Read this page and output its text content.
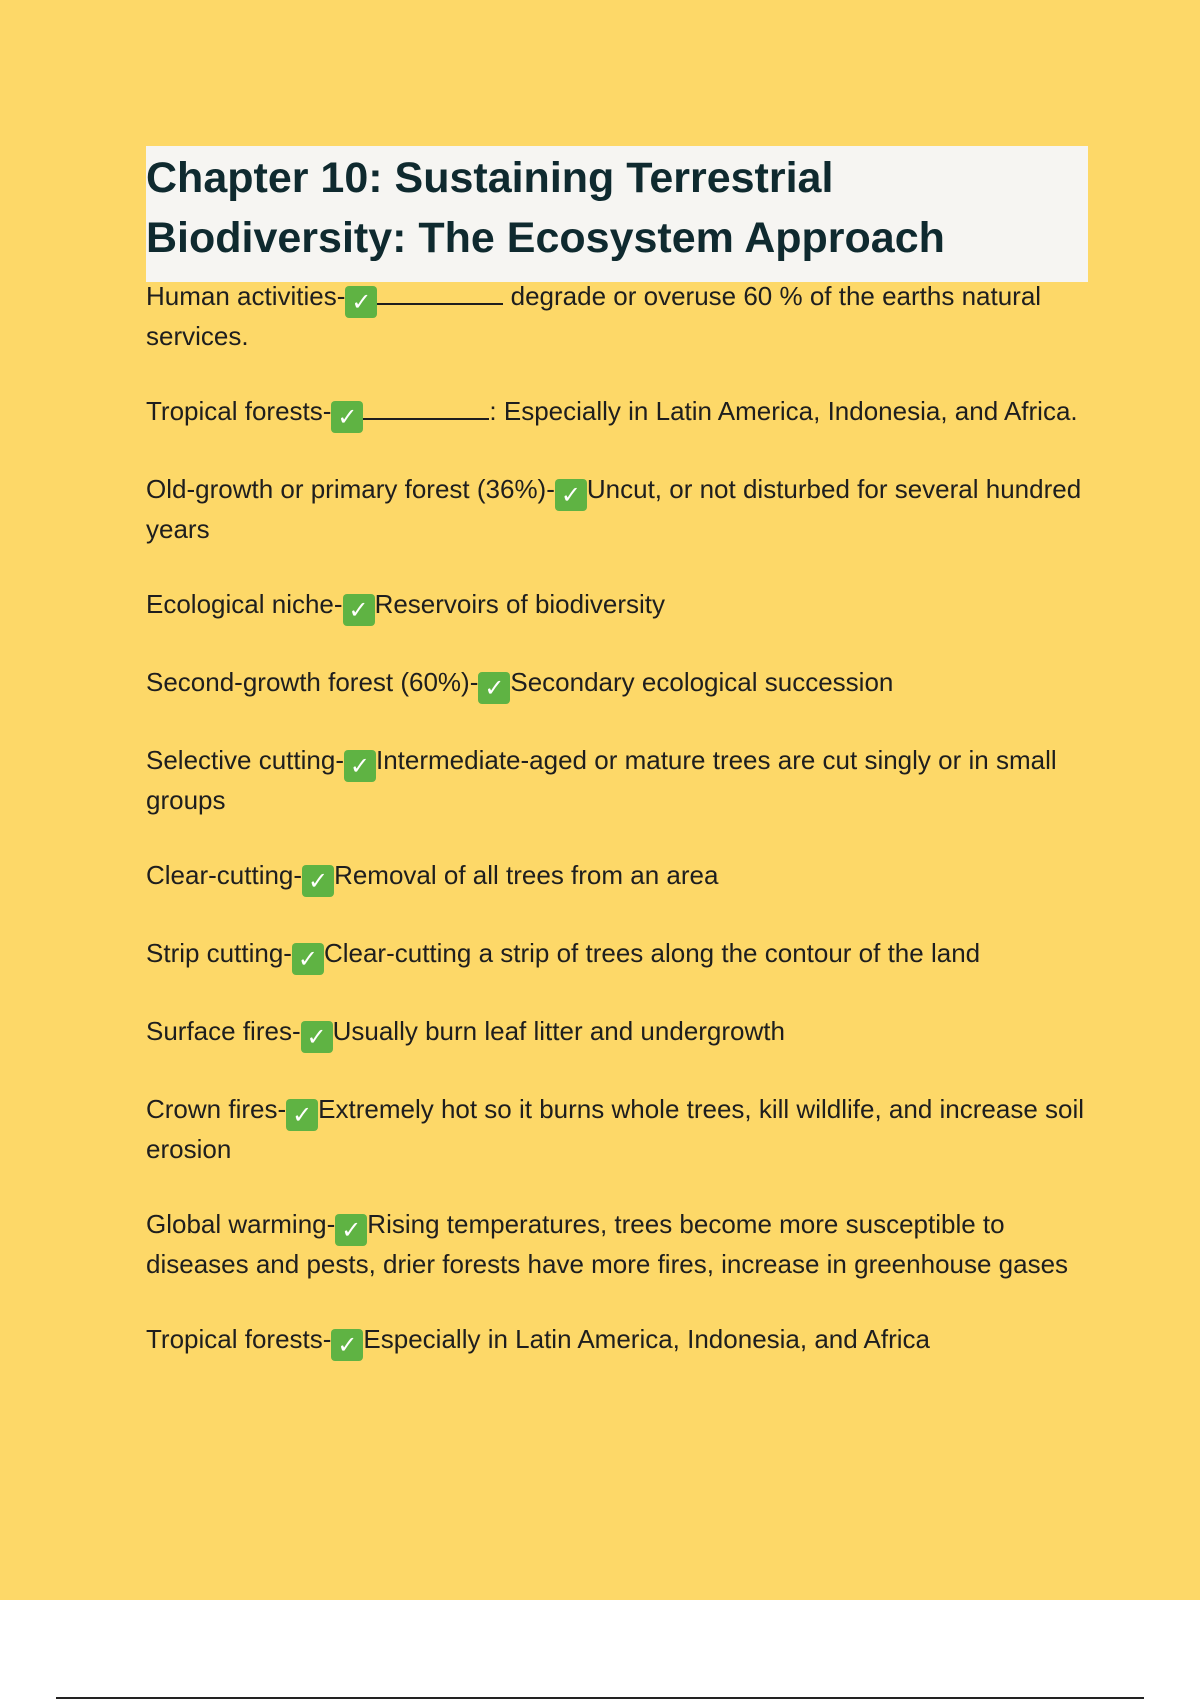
Chapter 10: Sustaining Terrestrial Biodiversity: The Ecosystem Approach

Human activities- ✓	degrade or overuse 60 % of the earths natural services.

Tropical forests- ✓	: Especially in Latin America, Indonesia, and Africa.

Old-growth or primary forest (36%)- ✓ Uncut, or not disturbed for several hundred years

Ecological niche- ✓ Reservoirs of biodiversity

Second-growth forest (60%)- ✓ Secondary ecological succession

Selective cutting- ✓ Intermediate-aged or mature trees are cut singly or in small groups

Clear-cutting- ✓ Removal of all trees from an area

Strip cutting- ✓ Clear-cutting a strip of trees along the contour of the land

Surface fires- ✓ Usually burn leaf litter and undergrowth

Crown fires- ✓ Extremely hot so it burns whole trees, kill wildlife, and increase soil erosion

Global warming- ✓ Rising temperatures, trees become more susceptible to diseases and pests, drier forests have more fires, increase in greenhouse gases

Tropical forests- ✓ Especially in Latin America, Indonesia, and Africa
